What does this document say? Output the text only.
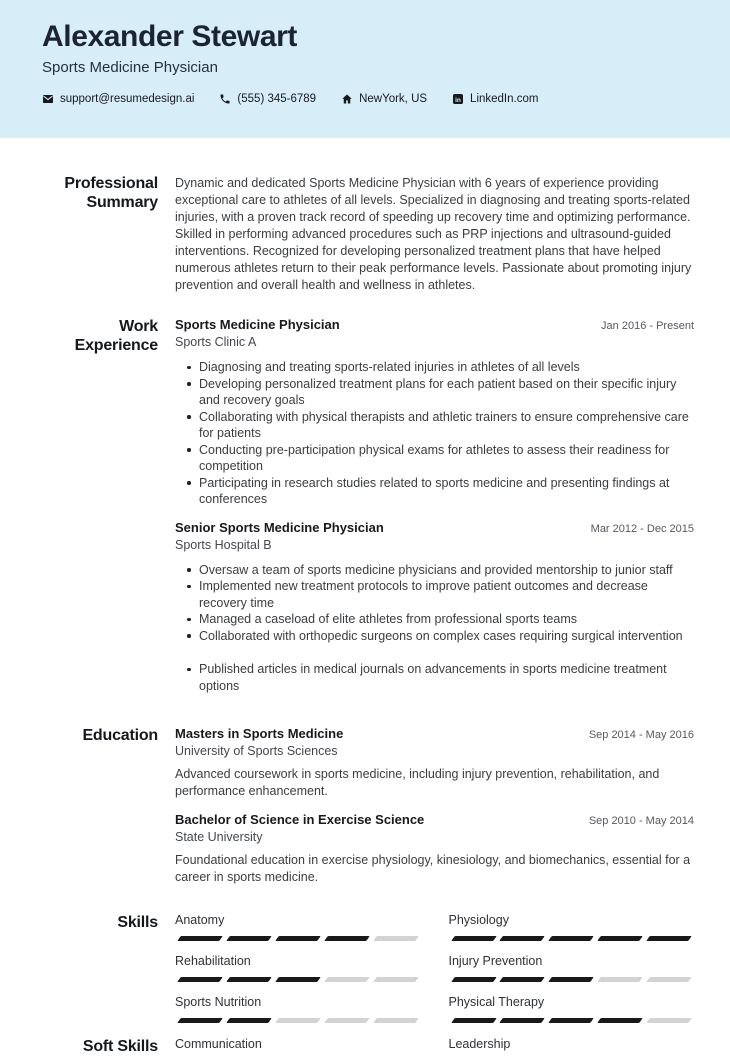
Alexander Stewart
Sports Medicine Physician
support@resumedesign.ai	(555) 345-6789	NewYork, US in LinkedIn.com
Professional Summary

Dynamic and dedicated Sports Medicine Physician with 6 years of experience providing exceptional care to athletes of all levels. Specialized in diagnosing and treating sports-related injuries, with a proven track record of speeding up recovery time and optimizing performance. Skilled in performing advanced procedures such as PRP injections and ultrasound-guided interventions. Recognized for developing personalized treatment plans that have helped numerous athletes return to their peak performance levels. Passionate about promoting injury prevention and overall health and wellness in athletes.

Work Experience
Sports Medicine Physician	Jan 2016 - Present
Sports Clinic A
Diagnosing and treating sports-related injuries in athletes of all levels
Developing personalized treatment plans for each patient based on their specific injury and recovery goals
Collaborating with physical therapists and athletic trainers to ensure comprehensive care for patients
Conducting pre-participation physical exams for athletes to assess their readiness for competition
Participating in research studies related to sports medicine and presenting findings at conferences
Senior Sports Medicine Physician	Mar 2012 - Dec 2015
Sports Hospital B
Oversaw a team of sports medicine physicians and provided mentorship to junior staff
Implemented new treatment protocols to improve patient outcomes and decrease recovery time
Managed a caseload of elite athletes from professional sports teams
Collaborated with orthopedic surgeons on complex cases requiring surgical intervention
Published articles in medical journals on advancements in sports medicine treatment options
Education Masters in Sports Medicine	Sep 2014 - May 2016
University of Sports Sciences

Advanced coursework in sports medicine, including injury prevention, rehabilitation, and performance enhancement.

Bachelor of Science in Exercise Science	Sep 2010 - May 2014
State University

Foundational education in exercise physiology, kinesiology, and biomechanics, essential for a career in sports medicine.

Skills Anatomy	Physiology
Rehabilitation	Injury Prevention
Sports Nutrition	Physical Therapy
Soft Skills Communication	Leadership
